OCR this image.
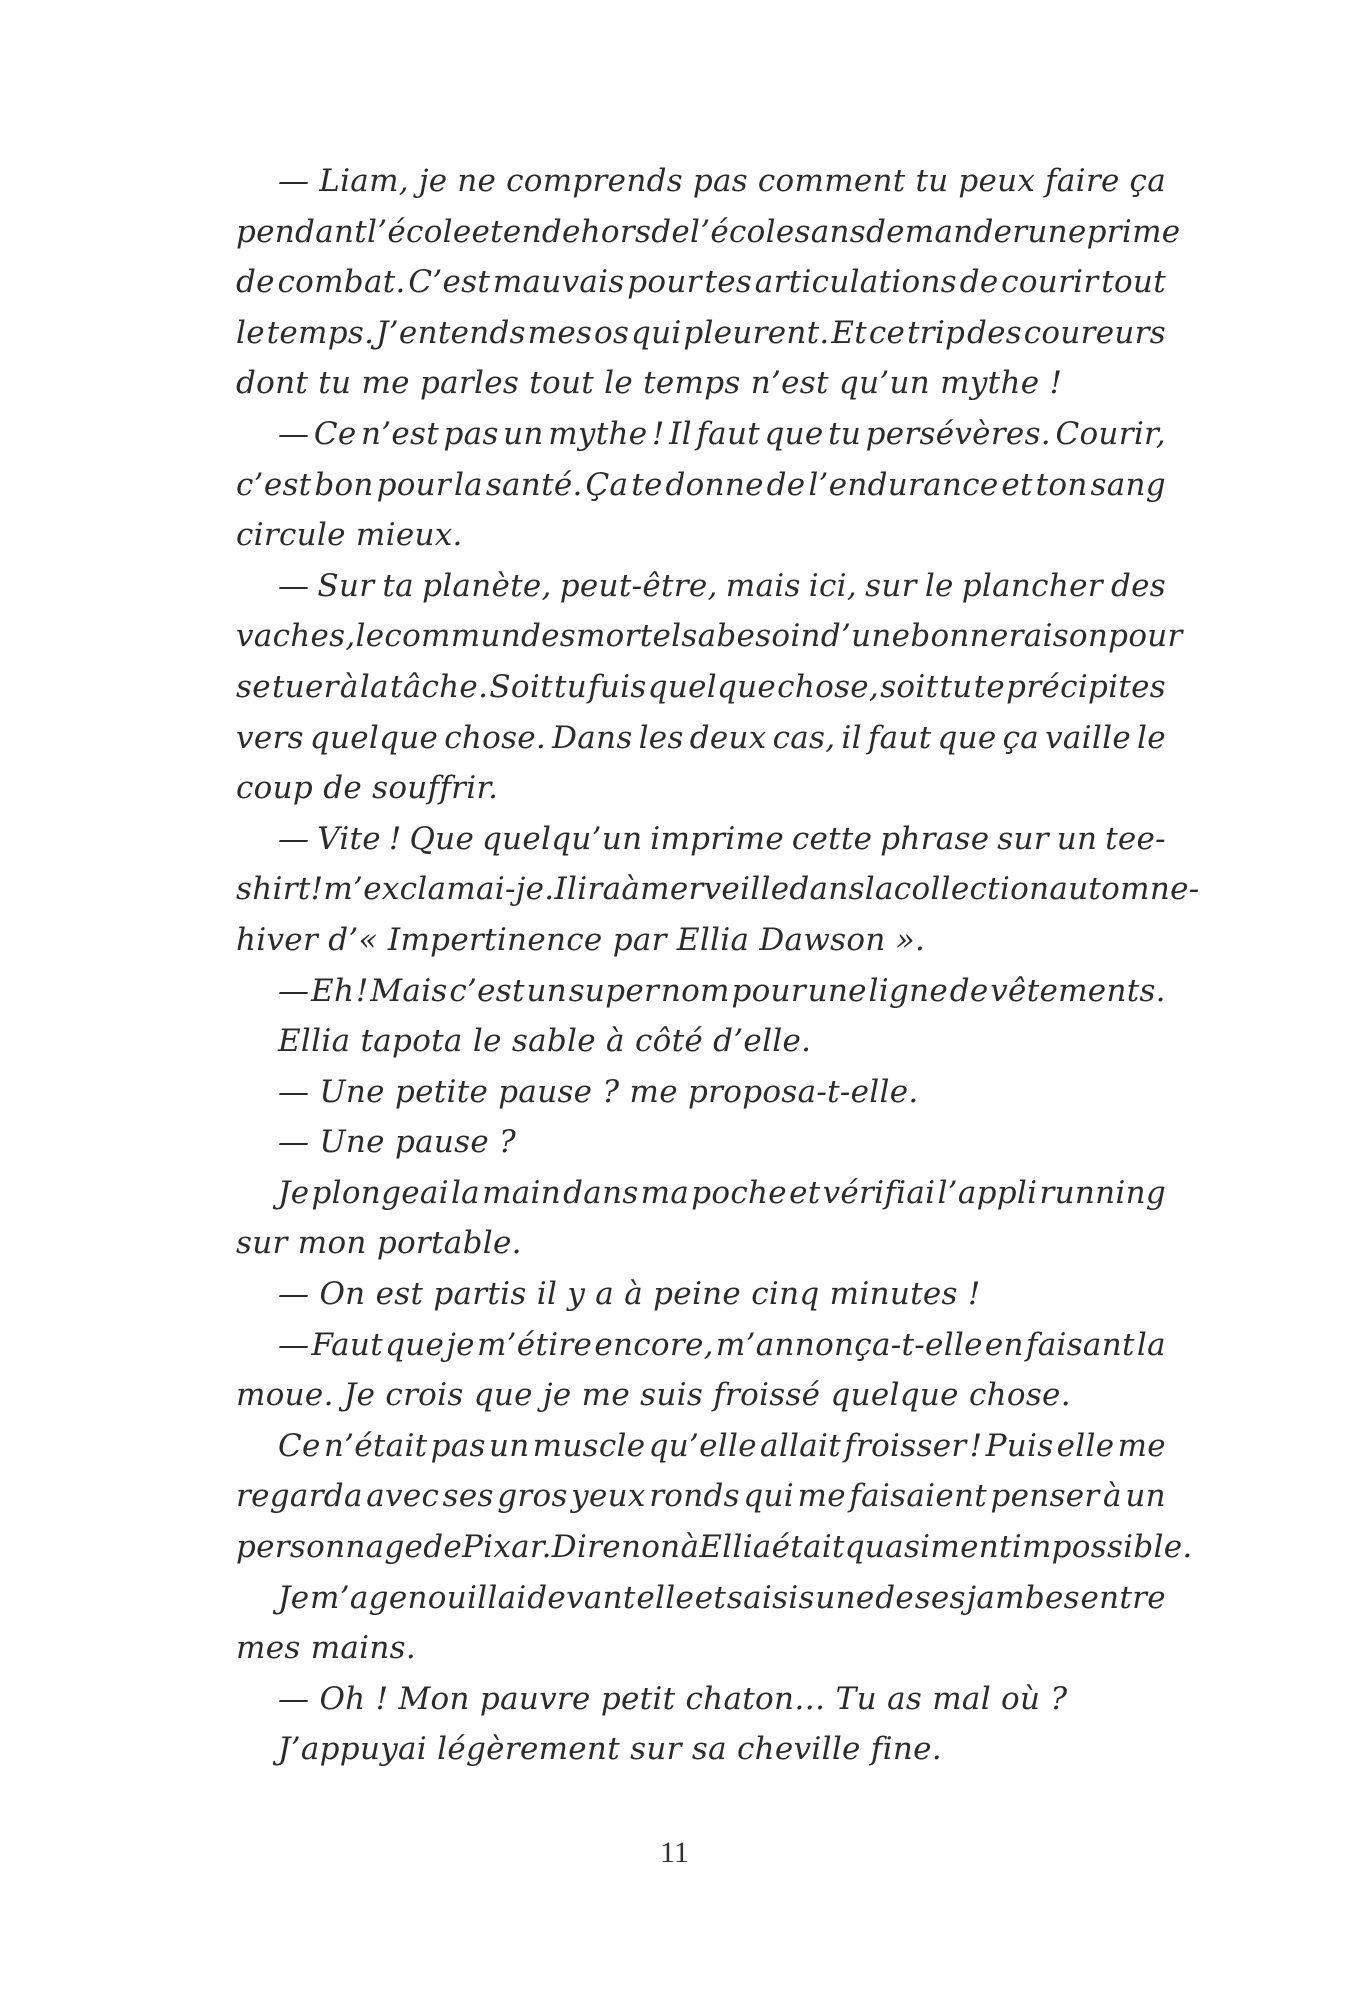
— Liam, je ne comprends pas comment tu peux faire ça
pendant l’école et en dehors de l’école sans demander une prime
de combat. C’est mauvais pour tes articulations de courir tout
le temps. J’entends mes os qui pleurent. Et ce trip des coureurs
dont tu me parles tout le temps n’est qu’un mythe !
— Ce n’est pas un mythe ! Il faut que tu persévères. Courir,
c’est bon pour la santé. Ça te donne de l’endurance et ton sang
circule mieux.
— Sur ta planète, peut-être, mais ici, sur le plancher des
vaches, le commun des mortels a besoin d’une bonne raison pour
se tuer à la tâche. Soit tu fuis quelque chose, soit tu te précipites
vers quelque chose. Dans les deux cas, il faut que ça vaille le
coup de souffrir.
— Vite ! Que quelqu’un imprime cette phrase sur un tee-
shirt ! m’exclamai-je. Il ira à merveille dans la collection automne-
hiver d’« Impertinence par Ellia Dawson ».
— Eh ! Mais c’est un super nom pour une ligne de vêtements.
Ellia tapota le sable à côté d’elle.
— Une petite pause ? me proposa-t-elle.
— Une pause ?
Je plongeai la main dans ma poche et vérifiai l’appli running
sur mon portable.
— On est partis il y a à peine cinq minutes !
— Faut que je m’étire encore, m’annonça-t-elle en faisant la
moue. Je crois que je me suis froissé quelque chose.
Ce n’était pas un muscle qu’elle allait froisser ! Puis elle me
regarda avec ses gros yeux ronds qui me faisaient penser à un
personnage de Pixar. Dire non à Ellia était quasiment impossible.
Je m’agenouillai devant elle et saisis une de ses jambes entre
mes mains.
— Oh ! Mon pauvre petit chaton… Tu as mal où ?
J’appuyai légèrement sur sa cheville fine.
11
